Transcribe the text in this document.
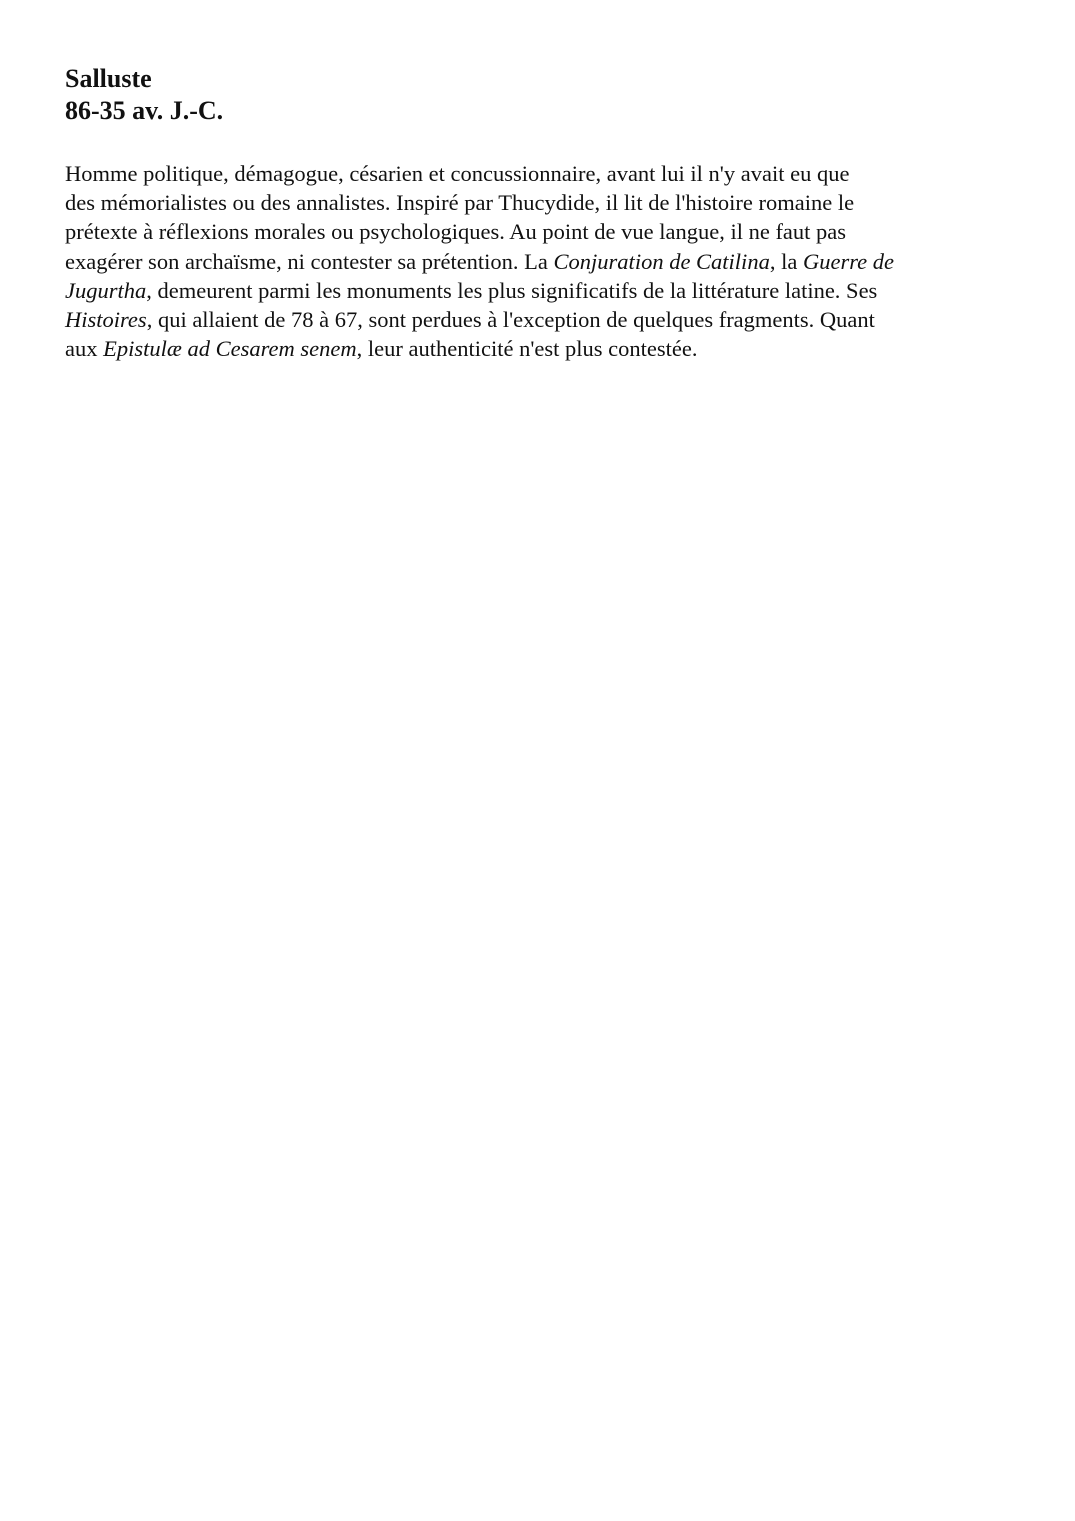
Salluste
86-35 av. J.-C.
Homme politique, démagogue, césarien et concussionnaire, avant lui il n'y avait eu que
des mémorialistes ou des annalistes. Inspiré par Thucydide, il lit de l'histoire romaine le
prétexte à réflexions morales ou psychologiques. Au point de vue langue, il ne faut pas
exagérer son archaïsme, ni contester sa prétention. La Conjuration de Catilina, la Guerre de
Jugurtha, demeurent parmi les monuments les plus significatifs de la littérature latine. Ses
Histoires, qui allaient de 78 à 67, sont perdues à l'exception de quelques fragments. Quant
aux Epistulæ ad Cesarem senem, leur authenticité n'est plus contestée.
